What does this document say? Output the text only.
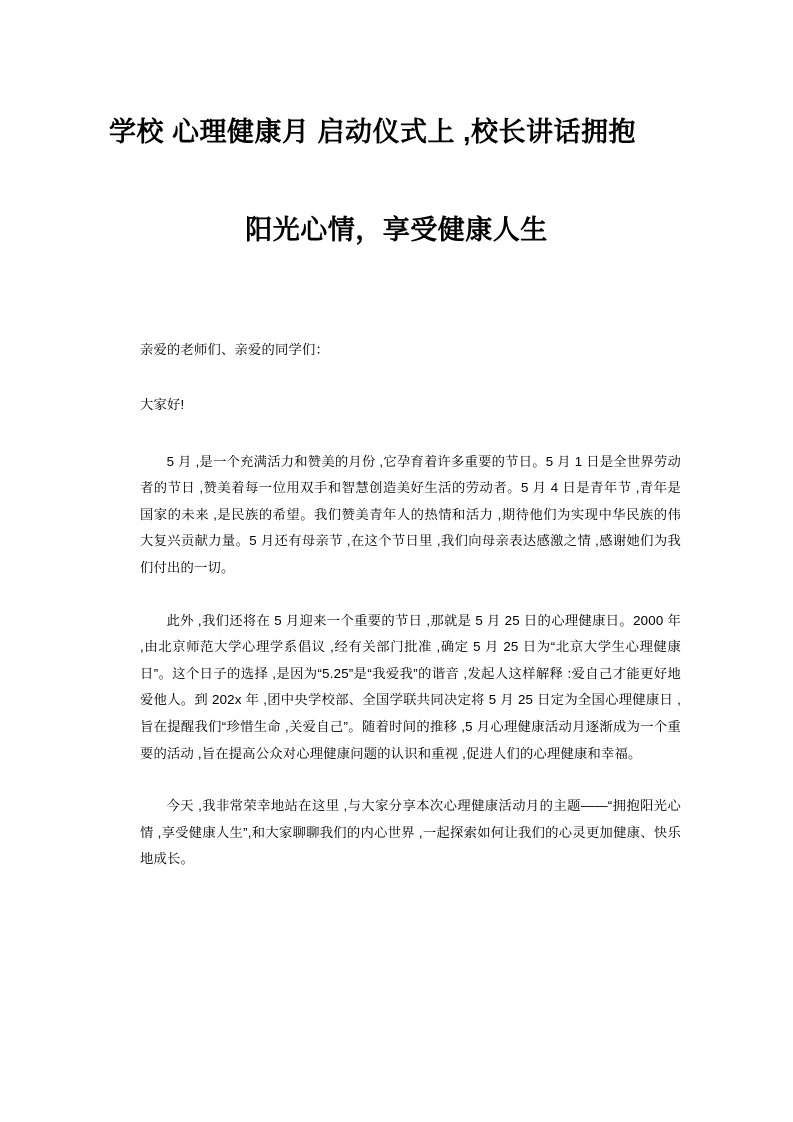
学校 心理健康月 启动仪式上 ,校长讲话拥抱
阳光心情，享受健康人生

亲爱的老师们、亲爱的同学们：

大家好!

5 月 ,是一个充满活力和赞美的月份 ,它孕育着许多重要的节日。5 月 1 日是全世界劳动者的节日 ,赞美着每一位用双手和智慧创造美好生活的劳动者。5 月 4 日是青年节 ,青年是国家的未来 ,是民族的希望。我们赞美青年人的热情和活力 ,期待他们为实现中华民族的伟大复兴贡献力量。5 月还有母亲节 ,在这个节日里 ,我们向母亲表达感激之情 ,感谢她们为我们付出的一切。

此外 ,我们还将在 5 月迎来一个重要的节日 ,那就是 5 月 25 日的心理健康日。2000 年 ,由北京师范大学心理学系倡议 ,经有关部门批准 ,确定 5 月 25 日为“北京大学生心理健康日”。这个日子的选择 ,是因为“5.25”是“我爱我”的谐音 ,发起人这样解释 :爱自己才能更好地爱他人。到 202x 年 ,团中央学校部、全国学联共同决定将 5 月 25 日定为全国心理健康日 ,旨在提醒我们“珍惜生命 ,关爱自己”。随着时间的推移 ,5 月心理健康活动月逐渐成为一个重要的活动 ,旨在提高公众对心理健康问题的认识和重视 ,促进人们的心理健康和幸福。

今天 ,我非常荣幸地站在这里 ,与大家分享本次心理健康活动月的主题——“拥抱阳光心情 ,享受健康人生”,和大家聊聊我们的内心世界 ,一起探索如何让我们的心灵更加健康、快乐地成长。
